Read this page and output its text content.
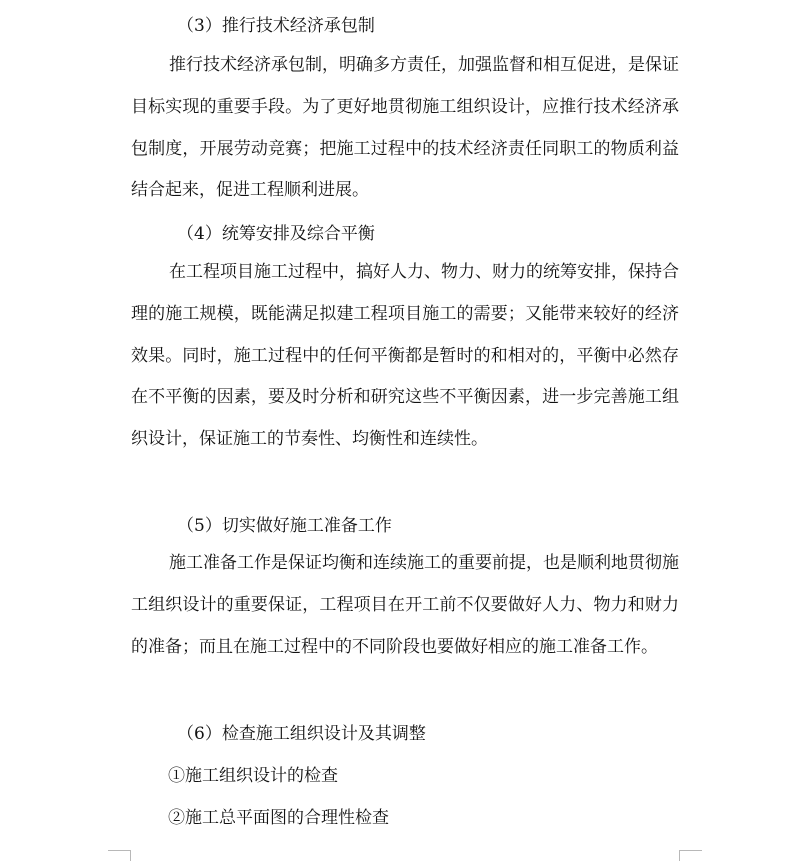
（3）推行技术经济承包制

推行技术经济承包制，明确多方责任，加强监督和相互促进，是保证目标实现的重要手段。为了更好地贯彻施工组织设计，应推行技术经济承包制度，开展劳动竞赛；把施工过程中的技术经济责任同职工的物质利益结合起来，促进工程顺利进展。

（4）统筹安排及综合平衡

在工程项目施工过程中，搞好人力、物力、财力的统筹安排，保持合理的施工规模，既能满足拟建工程项目施工的需要；又能带来较好的经济效果。同时，施工过程中的任何平衡都是暂时的和相对的，平衡中必然存在不平衡的因素，要及时分析和研究这些不平衡因素，进一步完善施工组织设计，保证施工的节奏性、均衡性和连续性。

（5）切实做好施工准备工作

施工准备工作是保证均衡和连续施工的重要前提，也是顺利地贯彻施工组织设计的重要保证，工程项目在开工前不仅要做好人力、物力和财力的准备；而且在施工过程中的不同阶段也要做好相应的施工准备工作。

（6）检查施工组织设计及其调整
①施工组织设计的检查
②施工总平面图的合理性检查
